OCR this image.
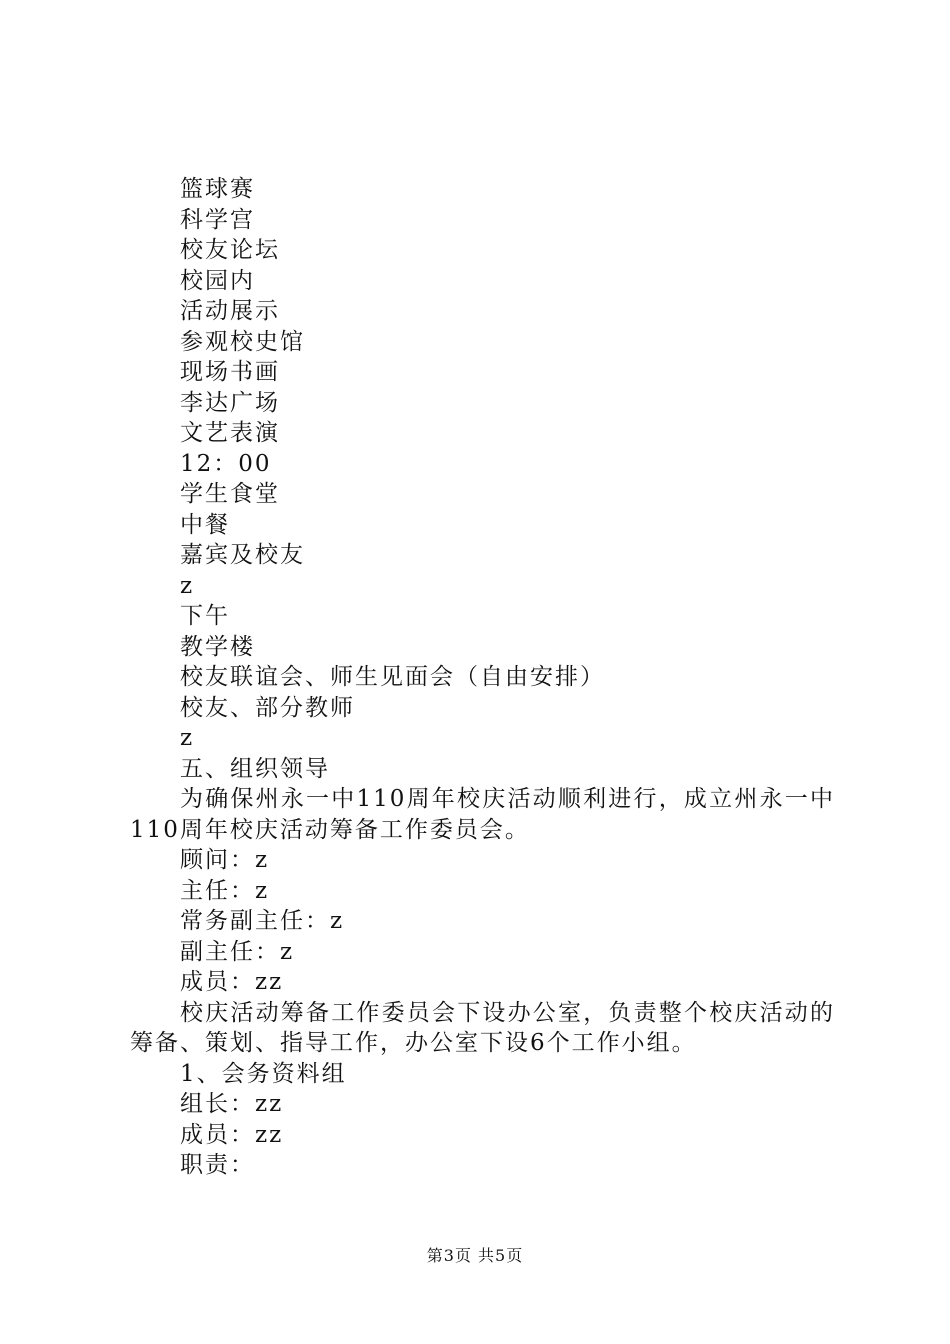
篮球赛
科学宫
校友论坛
校园内
活动展示
参观校史馆
现场书画
李达广场
文艺表演
12：00
学生食堂
中餐
嘉宾及校友
z
下午
教学楼
校友联谊会、师生见面会（自由安排）
校友、部分教师
z
五、组织领导
为确保州永一中110周年校庆活动顺利进行，成立州永一中110周年校庆活动筹备工作委员会。
顾问：z
主任：z
常务副主任：z
副主任：z
成员：zz
校庆活动筹备工作委员会下设办公室，负责整个校庆活动的筹备、策划、指导工作，办公室下设6个工作小组。
1、会务资料组
组长：zz
成员：zz
职责：
第3页 共5页
